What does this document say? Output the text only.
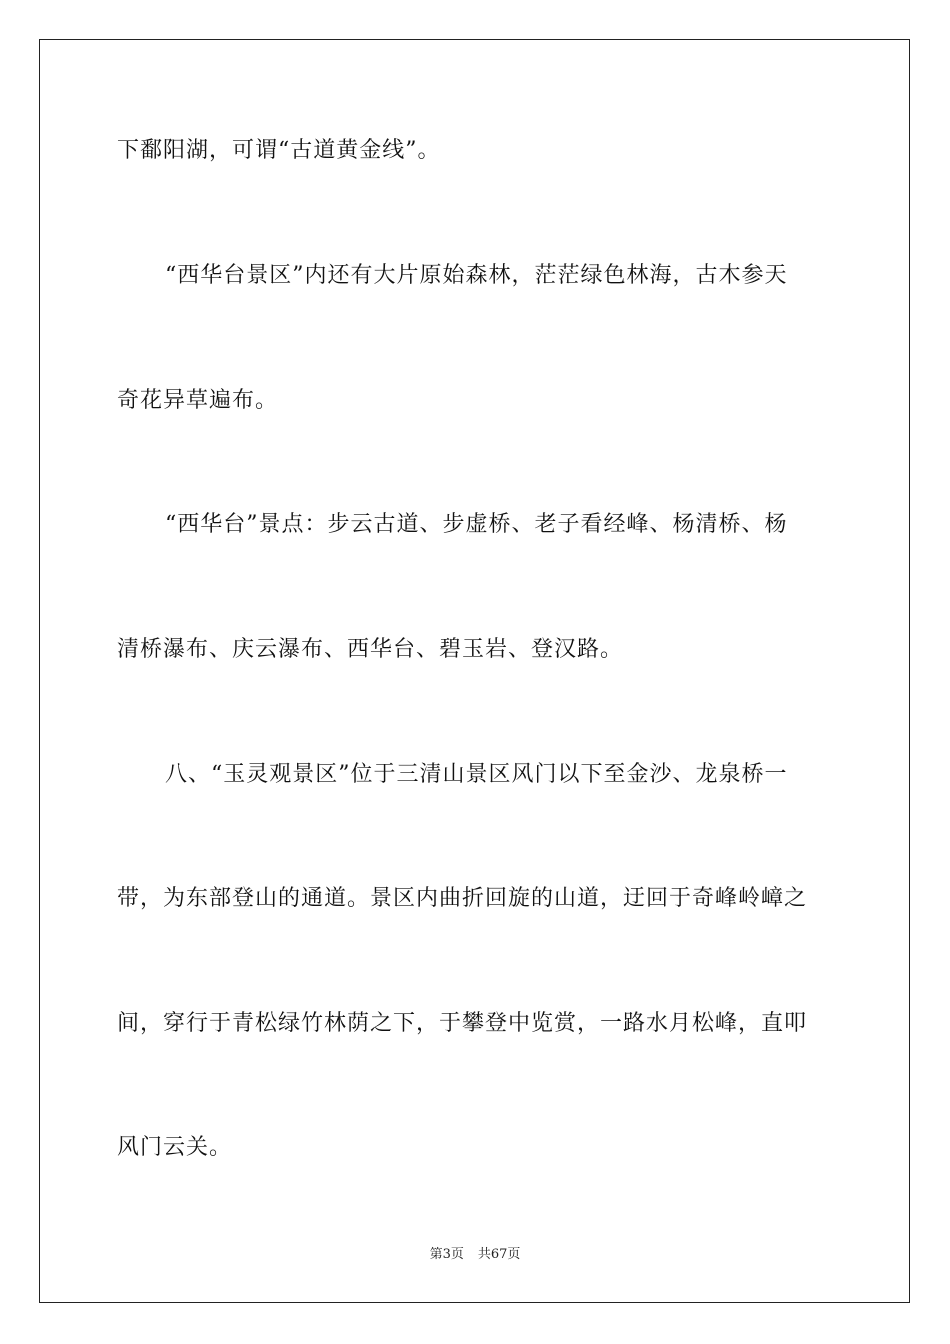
下鄱阳湖，可谓“古道黄金线”。
“西华台景区”内还有大片原始森林，茫茫绿色林海，古木参天
奇花异草遍布。
“西华台”景点：步云古道、步虚桥、老子看经峰、杨清桥、杨
清桥瀑布、庆云瀑布、西华台、碧玉岩、登汉路。
八、“玉灵观景区”位于三清山景区风门以下至金沙、龙泉桥一
带，为东部登山的通道。景区内曲折回旋的山道，迂回于奇峰岭嶂之
间，穿行于青松绿竹林荫之下，于攀登中览赏，一路水月松峰，直叩
风门云关。
第3页 共67页
